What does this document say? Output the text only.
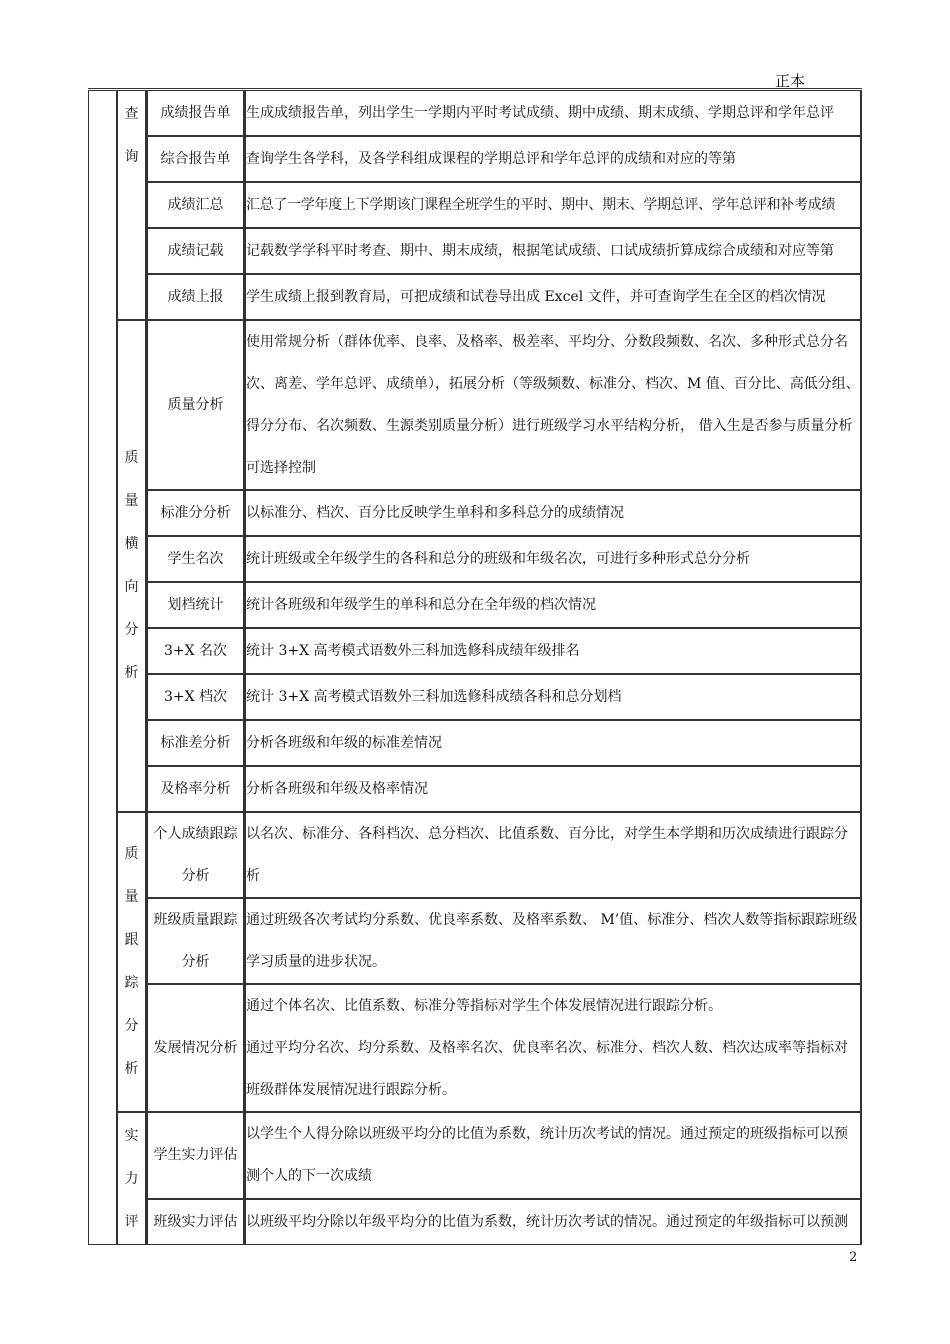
正本

	查询	成绩报告单	生成成绩报告单，列出学生一学期内平时考试成绩、期中成绩、期末成绩、学期总评和学年总评
		综合报告单	查询学生各学科，及各学科组成课程的学期总评和学年总评的成绩和对应的等第
		成绩汇总	汇总了一学年度上下学期该门课程全班学生的平时、期中、期末、学期总评、学年总评和补考成绩
		成绩记载	记载数学学科平时考查、期中、期末成绩，根据笔试成绩、口试成绩折算成综合成绩和对应等第
		成绩上报	学生成绩上报到教育局，可把成绩和试卷导出成 Excel 文件，并可查询学生在全区的档次情况

	质量横向分析	质量分析	使用常规分析（群体优率、良率、及格率、极差率、平均分、分数段频数、名次、多种形式总分名次、离差、学年总评、成绩单），拓展分析（等级频数、标准分、档次、M 值、百分比、高低分组、得分分布、名次频数、生源类别质量分析）进行班级学习水平结构分析， 借入生是否参与质量分析可选择控制
		标准分分析	以标准分、档次、百分比反映学生单科和多科总分的成绩情况
		学生名次	统计班级或全年级学生的各科和总分的班级和年级名次，可进行多种形式总分分析
		划档统计	统计各班级和年级学生的单科和总分在全年级的档次情况
		3+X 名次	统计 3+X 高考模式语数外三科加选修科成绩年级排名
		3+X 档次	统计 3+X 高考模式语数外三科加选修科成绩各科和总分划档
		标准差分析	分析各班级和年级的标准差情况
		及格率分析	分析各班级和年级及格率情况

	质量跟踪分析	个人成绩跟踪分析	以名次、标准分、各科档次、总分档次、比值系数、百分比，对学生本学期和历次成绩进行跟踪分析
		班级质量跟踪分析	通过班级各次考试均分系数、优良率系数、及格率系数、 M’值、标准分、档次人数等指标跟踪班级学习质量的进步状况。
		发展情况分析	通过个体名次、比值系数、标准分等指标对学生个体发展情况进行跟踪分析。
通过平均分名次、均分系数、及格率名次、优良率名次、标准分、档次人数、档次达成率等指标对班级群体发展情况进行跟踪分析。

	实力评	学生实力评估	以学生个人得分除以班级平均分的比值为系数，统计历次考试的情况。通过预定的班级指标可以预测个人的下一次成绩
		班级实力评估	以班级平均分除以年级平均分的比值为系数，统计历次考试的情况。通过预定的年级指标可以预测
2
